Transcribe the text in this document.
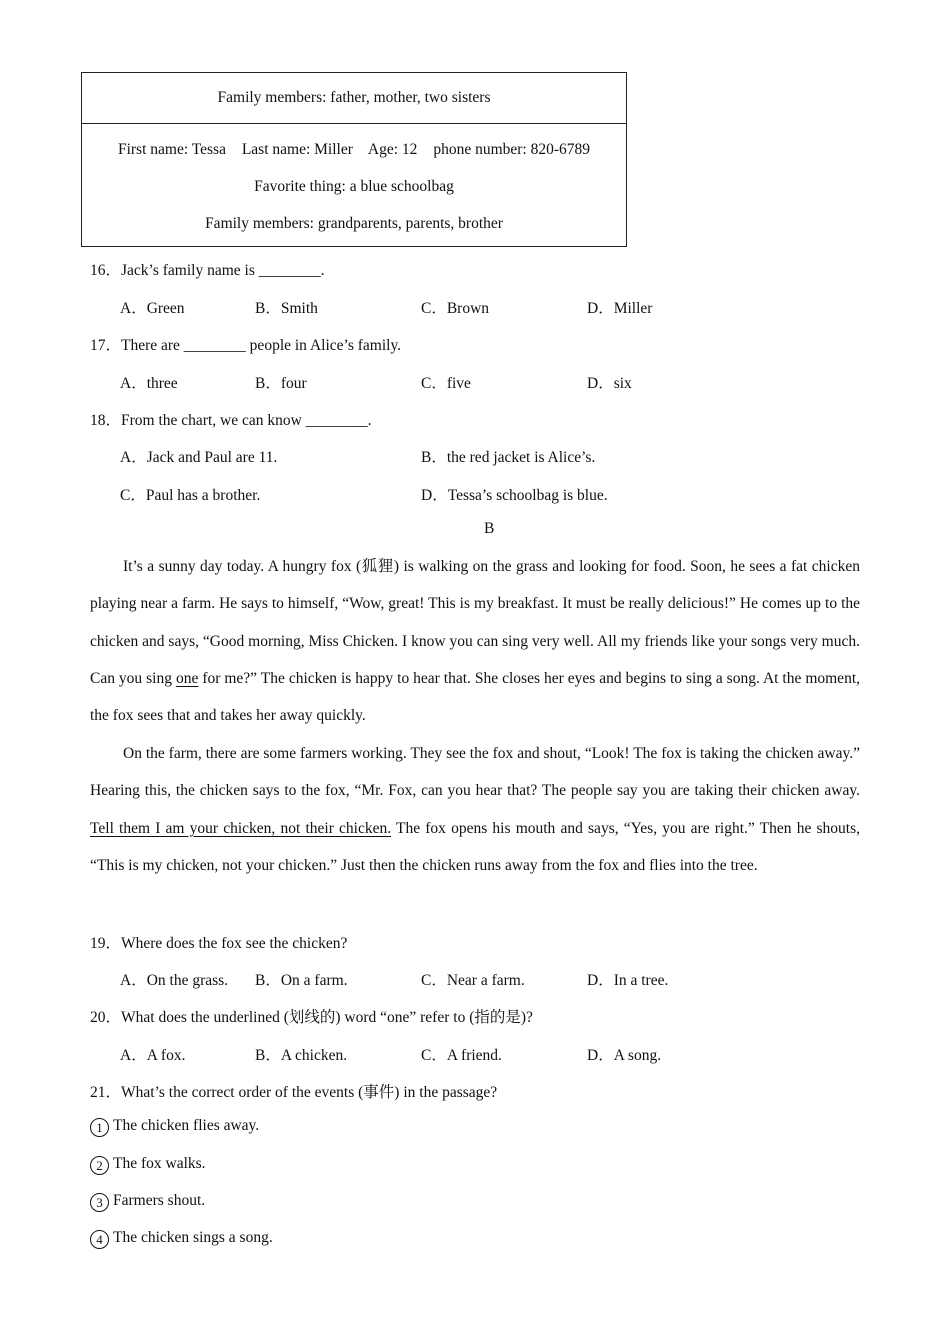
Family members: father, mother, two sisters
First name: Tessa Last name: Miller Age: 12 phone number: 820-6789
Favorite thing: a blue schoolbag
Family members: grandparents, parents, brother
16．Jack’s family name is ________.
A．Green	B．Smith	C．Brown	D．Miller
17．There are ________ people in Alice’s family.
A．three	B．four	C．five	D．six
18．From the chart, we can know ________.
A．Jack and Paul are 11.	B．the red jacket is Alice’s.
C．Paul has a brother.	D．Tessa’s schoolbag is blue.
B

It’s a sunny day today. A hungry fox (狐狸) is walking on the grass and looking for food. Soon, he sees a fat chicken playing near a farm. He says to himself, “Wow, great! This is my breakfast. It must be really delicious!” He comes up to the chicken and says, “Good morning, Miss Chicken. I know you can sing very well. All my friends like your songs very much. Can you sing one for me?” The chicken is happy to hear that. She closes her eyes and begins to sing a song. At the moment, the fox sees that and takes her away quickly.

On the farm, there are some farmers working. They see the fox and shout, “Look! The fox is taking the chicken away.” Hearing this, the chicken says to the fox, “Mr. Fox, can you hear that? The people say you are taking their chicken away. Tell them I am your chicken, not their chicken. The fox opens his mouth and says, “Yes, you are right.” Then he shouts, “This is my chicken, not your chicken.” Just then the chicken runs away from the fox and flies into the tree.

19．Where does the fox see the chicken?
A．On the grass. B．On a farm.	C．Near a farm.	D．In a tree.
20．What does the underlined (划线的) word “one” refer to (指的是)?
A．A fox.	B．A chicken.	C．A friend.	D．A song.
21．What’s the correct order of the events (事件) in the passage?
1 The chicken flies away.
2 The fox walks.
3 Farmers shout.
4 The chicken sings a song.
